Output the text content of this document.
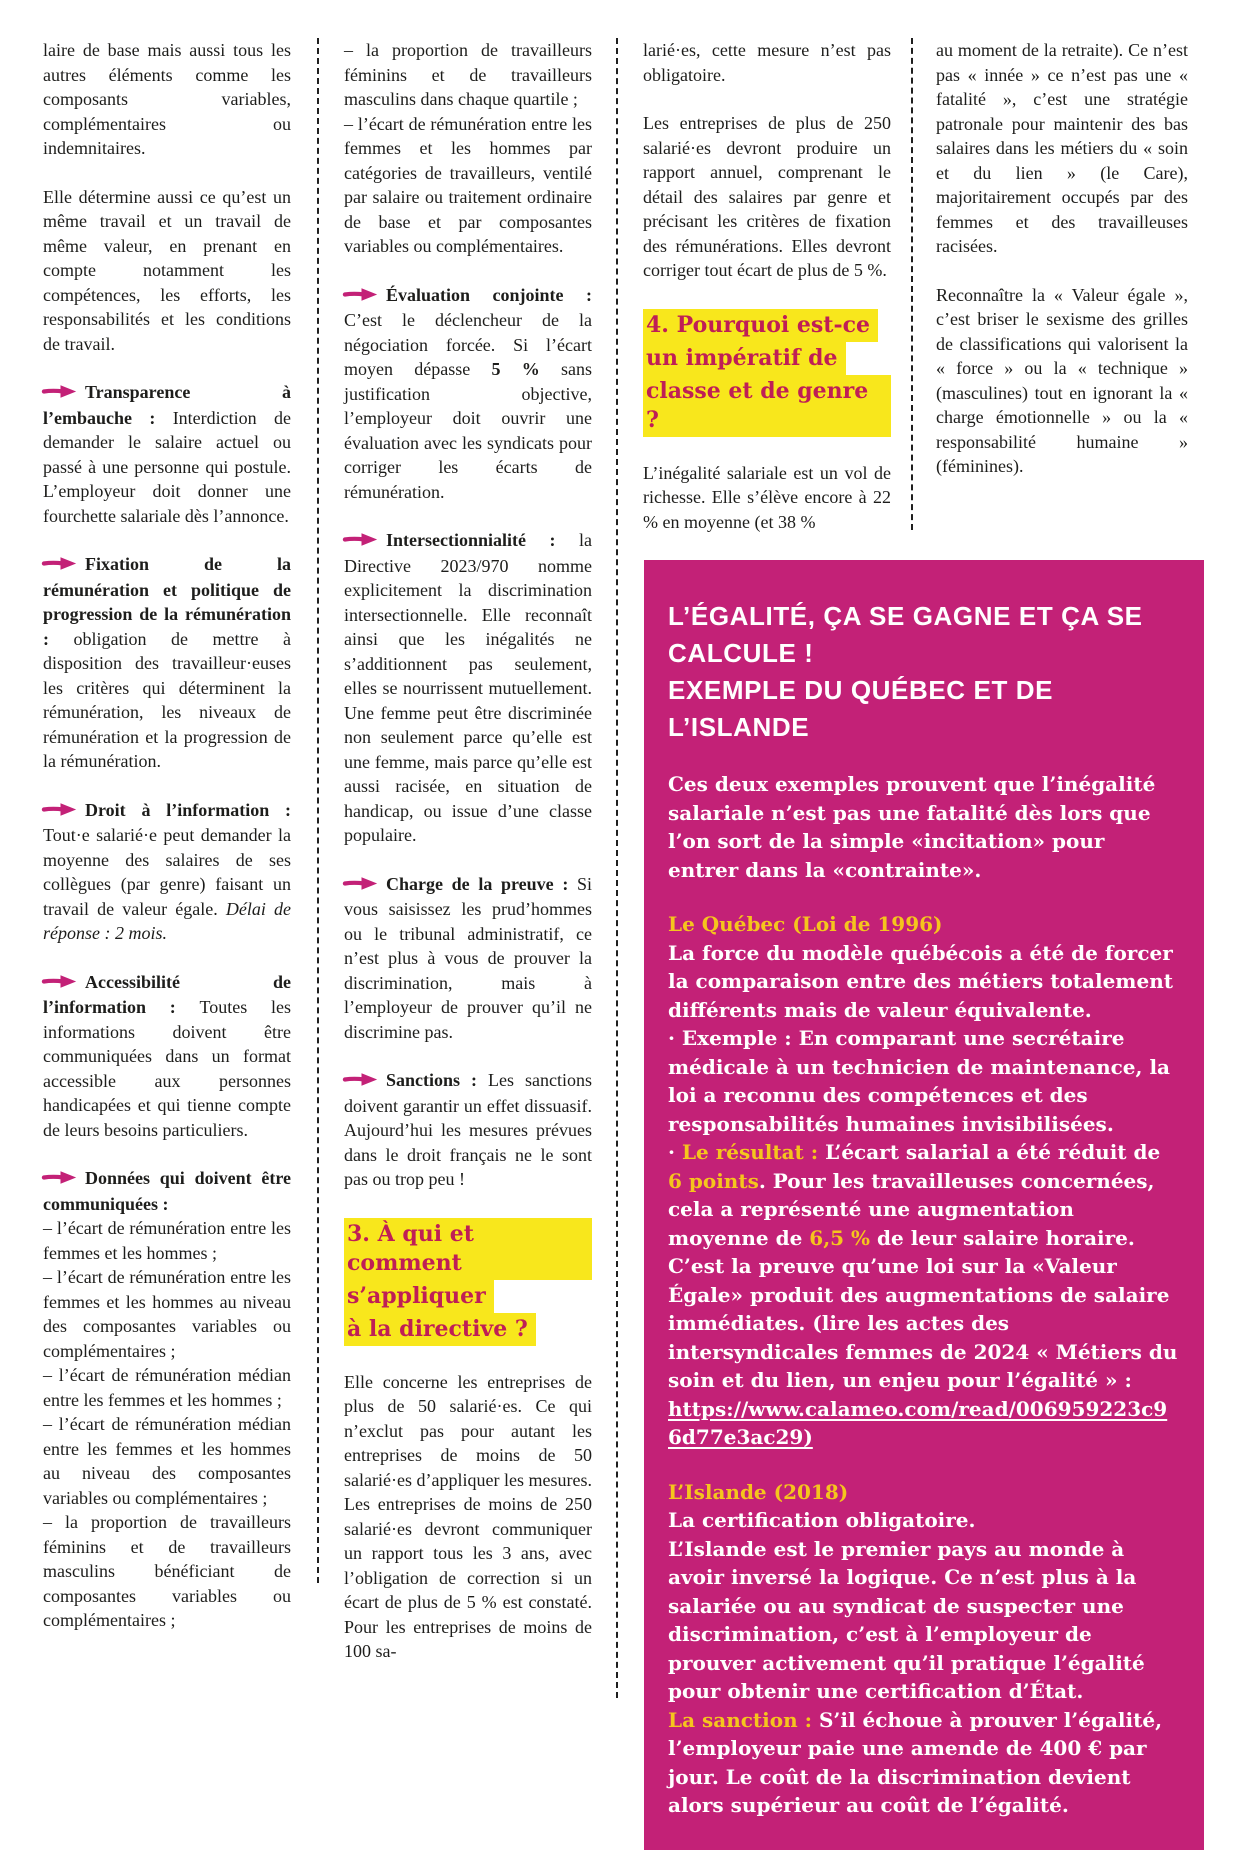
laire de base mais aussi tous les autres éléments comme les composants variables, complémentaires ou indemnitaires.

Elle détermine aussi ce qu’est un même travail et un travail de même valeur, en prenant en compte notamment les compétences, les efforts, les responsabilités et les conditions de travail.

Transparence à l’embauche : Interdiction de demander le salaire actuel ou passé à une personne qui postule. L’employeur doit donner une fourchette salariale dès l’annonce.

Fixation de la rémunération et politique de progression de la rémunération : obligation de mettre à disposition des travailleur·euses les critères qui déterminent la rémunération, les niveaux de rémunération et la progression de la rémunération.

Droit à l’information : Tout·e salarié·e peut demander la moyenne des salaires de ses collègues (par genre) faisant un travail de valeur égale. Délai de réponse : 2 mois.

Accessibilité de l’information : Toutes les informations doivent être communiquées dans un format accessible aux personnes handicapées et qui tienne compte de leurs besoins particuliers.

Données qui doivent être communiquées :

– l’écart de rémunération entre les femmes et les hommes ;

– l’écart de rémunération entre les femmes et les hommes au niveau des composantes variables ou complémentaires ;

– l’écart de rémunération médian entre les femmes et les hommes ;

– l’écart de rémunération médian entre les femmes et les hommes au niveau des composantes variables ou complémentaires ;

– la proportion de travailleurs féminins et de travailleurs masculins bénéficiant de composantes variables ou complémentaires ;

– la proportion de travailleurs féminins et de travailleurs masculins dans chaque quartile ;

– l’écart de rémunération entre les femmes et les hommes par catégories de travailleurs, ventilé par salaire ou traitement ordinaire de base et par composantes variables ou complémentaires.

Évaluation conjointe : C’est le déclencheur de la négociation forcée. Si l’écart moyen dépasse 5 % sans justification objective, l’employeur doit ouvrir une évaluation avec les syndicats pour corriger les écarts de rémunération.

Intersectionnialité : la Directive 2023/970 nomme explicitement la discrimination intersectionnelle. Elle reconnaît ainsi que les inégalités ne s’additionnent pas seulement, elles se nourrissent mutuellement. Une femme peut être discriminée non seulement parce qu’elle est une femme, mais parce qu’elle est aussi racisée, en situation de handicap, ou issue d’une classe populaire.

Charge de la preuve : Si vous saisissez les prud’hommes ou le tribunal administratif, ce n’est plus à vous de prouver la discrimination, mais à l’employeur de prouver qu’il ne discrimine pas.

Sanctions : Les sanctions doivent garantir un effet dissuasif. Aujourd’hui les mesures prévues dans le droit français ne le sont pas ou trop peu !

3. À qui et comment
s’appliquer
à la directive ?

Elle concerne les entreprises de plus de 50 salarié·es. Ce qui n’exclut pas pour autant les entreprises de moins de 50 salarié·es d’appliquer les mesures. Les entreprises de moins de 250 salarié·es devront communiquer un rapport tous les 3 ans, avec l’obligation de correction si un écart de plus de 5 % est constaté. Pour les entreprises de moins de 100 sa-

larié·es, cette mesure n’est pas obligatoire.

Les entreprises de plus de 250 salarié·es devront produire un rapport annuel, comprenant le détail des salaires par genre et précisant les critères de fixation des rémunérations. Elles devront corriger tout écart de plus de 5 %.

4. Pourquoi est-ce
un impératif de
classe et de genre ?

L’inégalité salariale est un vol de richesse. Elle s’élève encore à 22 % en moyenne (et 38 %

au moment de la retraite). Ce n’est pas « innée » ce n’est pas une « fatalité », c’est une stratégie patronale pour maintenir des bas salaires dans les métiers du « soin et du lien » (le Care), majoritairement occupés par des femmes et des travailleuses racisées.

Reconnaître la « Valeur égale », c’est briser le sexisme des grilles de classifications qui valorisent la « force » ou la « technique » (masculines) tout en ignorant la « charge émotionnelle » ou la « responsabilité humaine » (féminines).

L’ÉGALITÉ, ÇA SE GAGNE ET ÇA SE CALCULE !
EXEMPLE DU QUÉBEC ET DE L’ISLANDE

Ces deux exemples prouvent que l’inégalité salariale n’est pas une fatalité dès lors que l’on sort de la simple «incitation» pour entrer dans la «contrainte».

Le Québec (Loi de 1996)

La force du modèle québécois a été de forcer la comparaison entre des métiers totalement différents mais de valeur équivalente.

· Exemple : En comparant une secrétaire médicale à un technicien de maintenance, la loi a reconnu des compétences et des responsabilités humaines invisibilisées.

· Le résultat : L’écart salarial a été réduit de 6 points. Pour les travailleuses concernées, cela a représenté une augmentation moyenne de 6,5 % de leur salaire horaire. C’est la preuve qu’une loi sur la «Valeur Égale» produit des augmentations de salaire immédiates. (lire les actes des intersyndicales femmes de 2024 « Métiers du soin et du lien, un enjeu pour l’égalité » : https://www.calameo.com/read/006959223c96d77e3ac29)

L’Islande (2018)

La certification obligatoire.

L’Islande est le premier pays au monde à avoir inversé la logique. Ce n’est plus à la salariée ou au syndicat de suspecter une discrimination, c’est à l’employeur de prouver activement qu’il pratique l’égalité pour obtenir une certification d’État.

La sanction : S’il échoue à prouver l’égalité, l’employeur paie une amende de 400 € par jour. Le coût de la discrimination devient alors supérieur au coût de l’égalité.
